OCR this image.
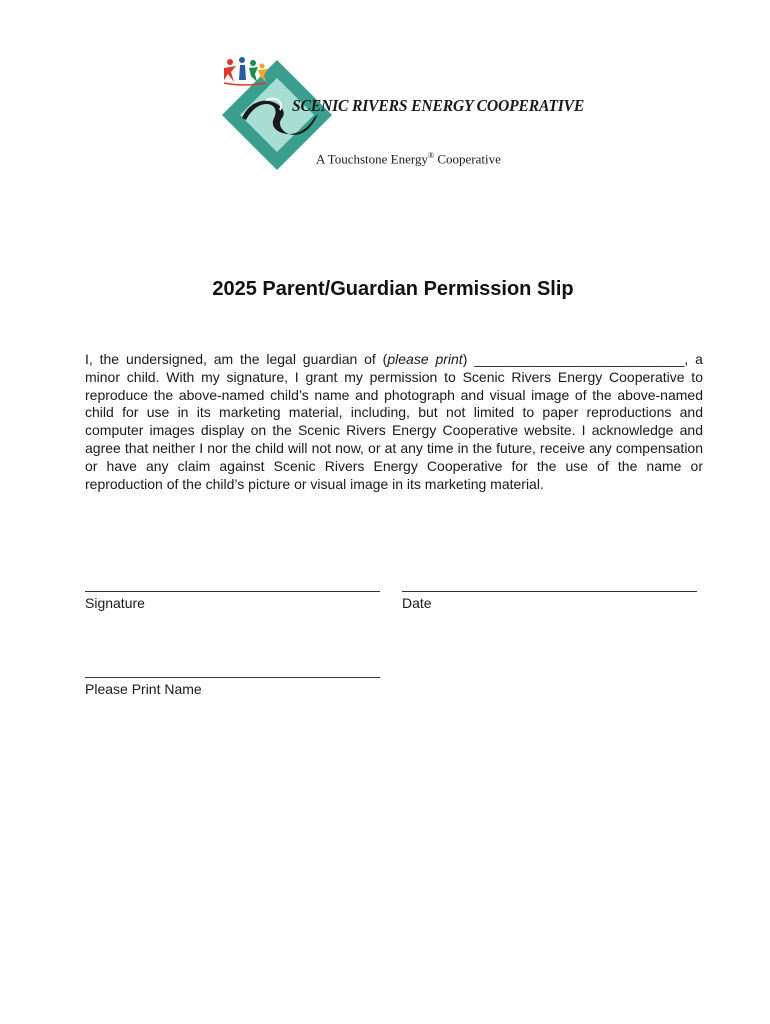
SCENIC RIVERS ENERGY COOPERATIVE
A Touchstone Energy® Cooperative
2025 Parent/Guardian Permission Slip
I, the undersigned, am the legal guardian of (please print) ___________________________, a minor child. With my signature, I grant my permission to Scenic Rivers Energy Cooperative to reproduce the above-named child’s name and photograph and visual image of the above-named child for use in its marketing material, including, but not limited to paper reproductions and computer images display on the Scenic Rivers Energy Cooperative website. I acknowledge and agree that neither I nor the child will not now, or at any time in the future, receive any compensation or have any claim against Scenic Rivers Energy Cooperative for the use of the name or reproduction of the child’s picture or visual image in its marketing material.
Signature	Date
Please Print Name
